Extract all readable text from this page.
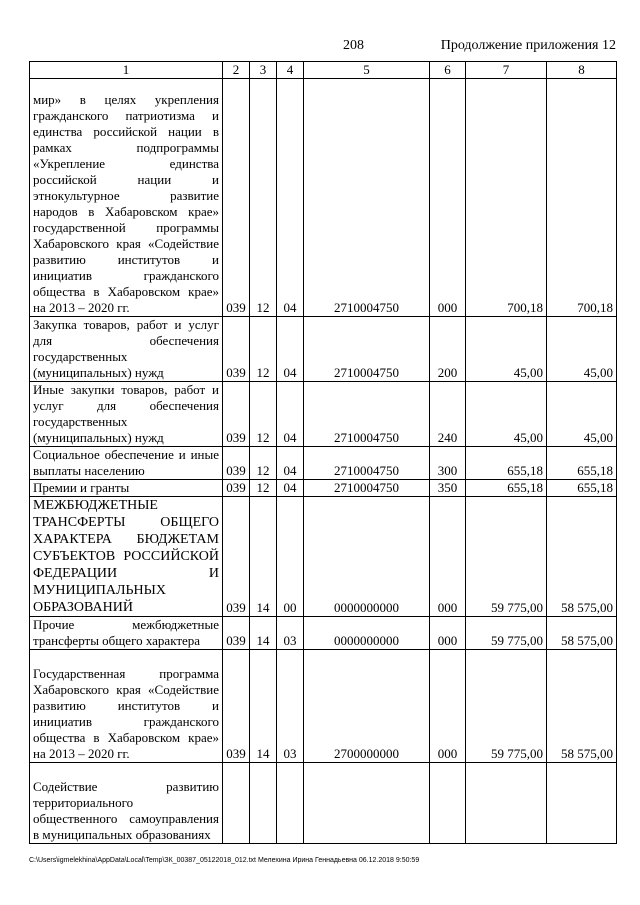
208	Продолжение приложения 12
1	2	3	4	5	6	7	8
мир» в целях укрепления гражданского патриотизма и единства российской нации в рамках подпрограммы «Укрепление единства российской нации и этнокультурное развитие народов в Хабаровском крае» государственной программы Хабаровского края «Содействие развитию институтов и инициатив гражданского общества в Хабаровском крае» на 2013 – 2020 гг.	039	12	04	2710004750	000	700,18	700,18
Закупка товаров, работ и услуг для обеспечения государственных (муниципальных) нужд	039	12	04	2710004750	200	45,00	45,00
Иные закупки товаров, работ и услуг для обеспечения государственных (муниципальных) нужд	039	12	04	2710004750	240	45,00	45,00
Социальное обеспечение и иные выплаты населению	039	12	04	2710004750	300	655,18	655,18
Премии и гранты	039	12	04	2710004750	350	655,18	655,18
МЕЖБЮДЖЕТНЫЕ ТРАНСФЕРТЫ ОБЩЕГО ХАРАКТЕРА БЮДЖЕТАМ СУБЪЕКТОВ РОССИЙСКОЙ ФЕДЕРАЦИИ И МУНИЦИПАЛЬНЫХ ОБРАЗОВАНИЙ	039	14	00	0000000000	000	59 775,00	58 575,00
Прочие межбюджетные трансферты общего характера	039	14	03	0000000000	000	59 775,00	58 575,00
Государственная программа Хабаровского края «Содействие развитию институтов и инициатив гражданского общества в Хабаровском крае» на 2013 – 2020 гг.	039	14	03	2700000000	000	59 775,00	58 575,00
Содействие развитию территориального общественного самоуправления в муниципальных образованиях							
C:\Users\igmelekhina\AppData\Local\Temp\ЗК_00387_05122018_012.txt Мелехина Ирина Геннадьевна 06.12.2018 9:50:59
